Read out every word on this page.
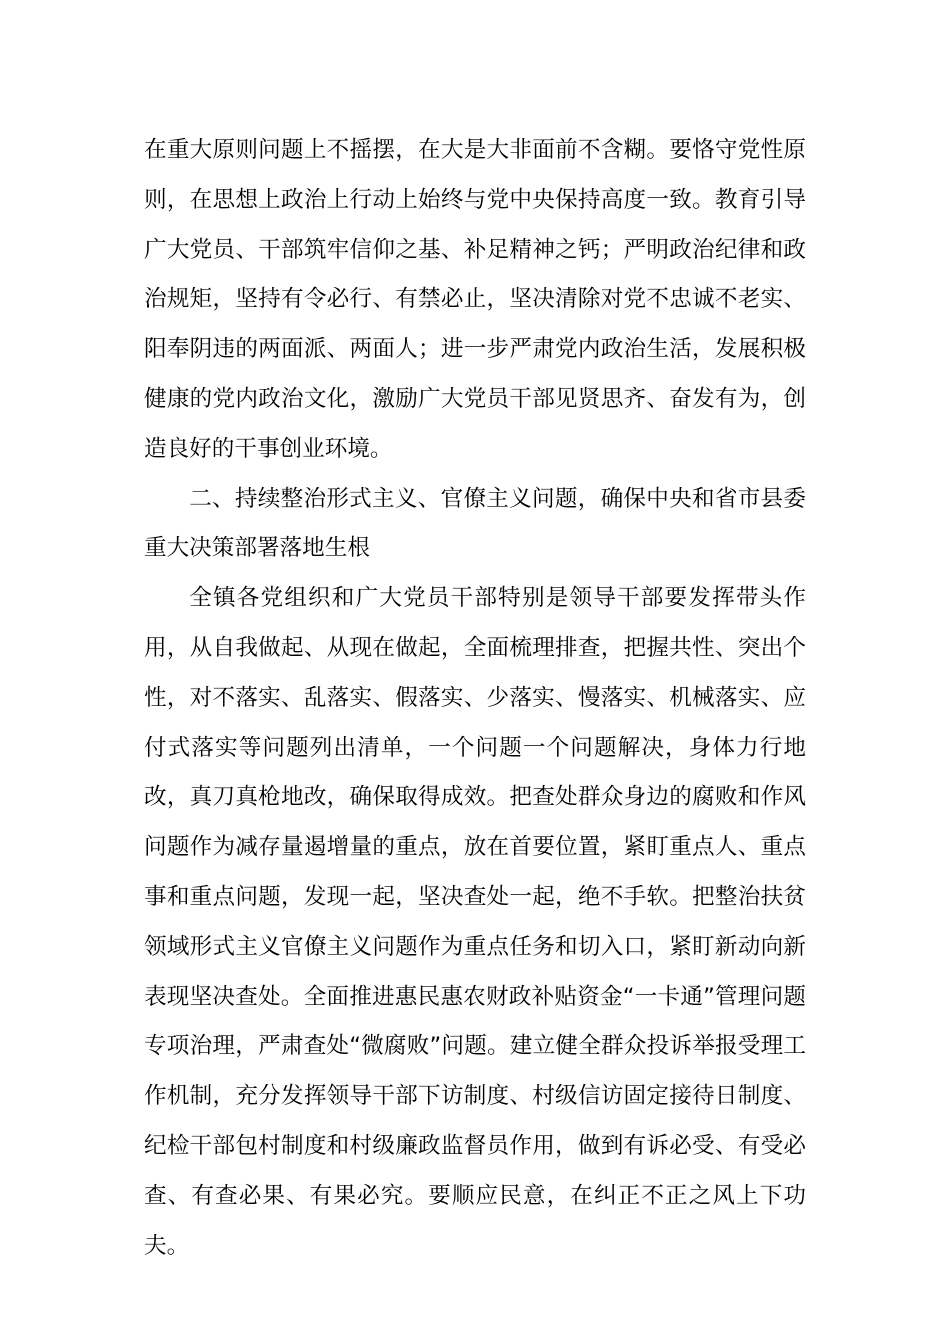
在重大原则问题上不摇摆，在大是大非面前不含糊。要恪守党性原则，在思想上政治上行动上始终与党中央保持高度一致。教育引导广大党员、干部筑牢信仰之基、补足精神之钙；严明政治纪律和政治规矩，坚持有令必行、有禁必止，坚决清除对党不忠诚不老实、阳奉阴违的两面派、两面人；进一步严肃党内政治生活，发展积极健康的党内政治文化，激励广大党员干部见贤思齐、奋发有为，创造良好的干事创业环境。

二、持续整治形式主义、官僚主义问题，确保中央和省市县委重大决策部署落地生根

全镇各党组织和广大党员干部特别是领导干部要发挥带头作用，从自我做起、从现在做起，全面梳理排查，把握共性、突出个性，对不落实、乱落实、假落实、少落实、慢落实、机械落实、应付式落实等问题列出清单，一个问题一个问题解决，身体力行地改，真刀真枪地改，确保取得成效。把查处群众身边的腐败和作风问题作为减存量遏增量的重点，放在首要位置，紧盯重点人、重点事和重点问题，发现一起，坚决查处一起，绝不手软。把整治扶贫领域形式主义官僚主义问题作为重点任务和切入口，紧盯新动向新表现坚决查处。全面推进惠民惠农财政补贴资金“一卡通”管理问题专项治理，严肃查处“微腐败”问题。建立健全群众投诉举报受理工作机制，充分发挥领导干部下访制度、村级信访固定接待日制度、纪检干部包村制度和村级廉政监督员作用，做到有诉必受、有受必查、有查必果、有果必究。要顺应民意，在纠正不正之风上下功夫。
